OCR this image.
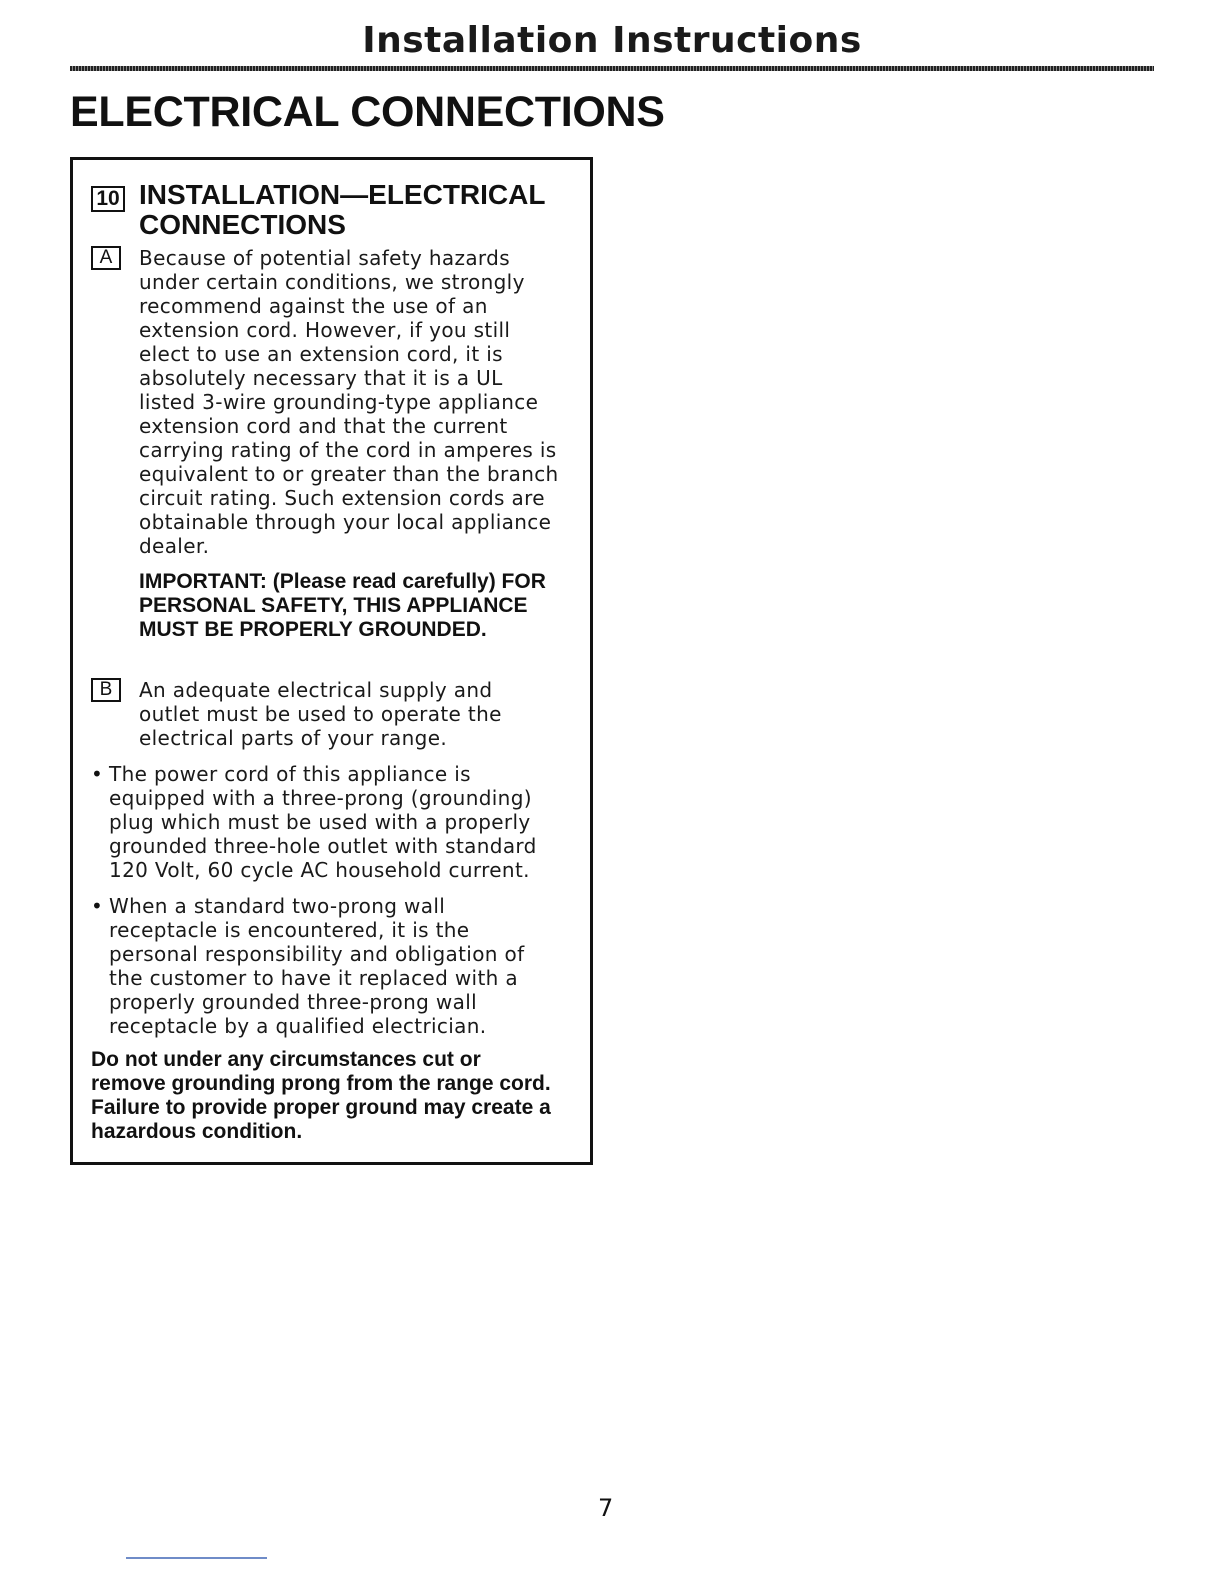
Installation Instructions
ELECTRICAL CONNECTIONS
10 INSTALLATION—ELECTRICAL CONNECTIONS
A	Because of potential safety hazards under certain conditions, we strongly recommend against the use of an extension cord. However, if you still elect to use an extension cord, it is absolutely necessary that it is a UL listed 3-wire grounding-type appliance extension cord and that the current carrying rating of the cord in amperes is equivalent to or greater than the branch circuit rating. Such extension cords are obtainable through your local appliance dealer.
IMPORTANT: (Please read carefully) FOR PERSONAL SAFETY, THIS APPLIANCE MUST BE PROPERLY GROUNDED.
B	An adequate electrical supply and outlet must be used to operate the electrical parts of your range.
• The power cord of this appliance is equipped with a three-prong (grounding) plug which must be used with a properly grounded three-hole outlet with standard 120 Volt, 60 cycle AC household current.
• When a standard two-prong wall receptacle is encountered, it is the personal responsibility and obligation of the customer to have it replaced with a properly grounded three-prong wall receptacle by a qualified electrician.
Do not under any circumstances cut or remove grounding prong from the range cord. Failure to provide proper ground may create a hazardous condition.
7
